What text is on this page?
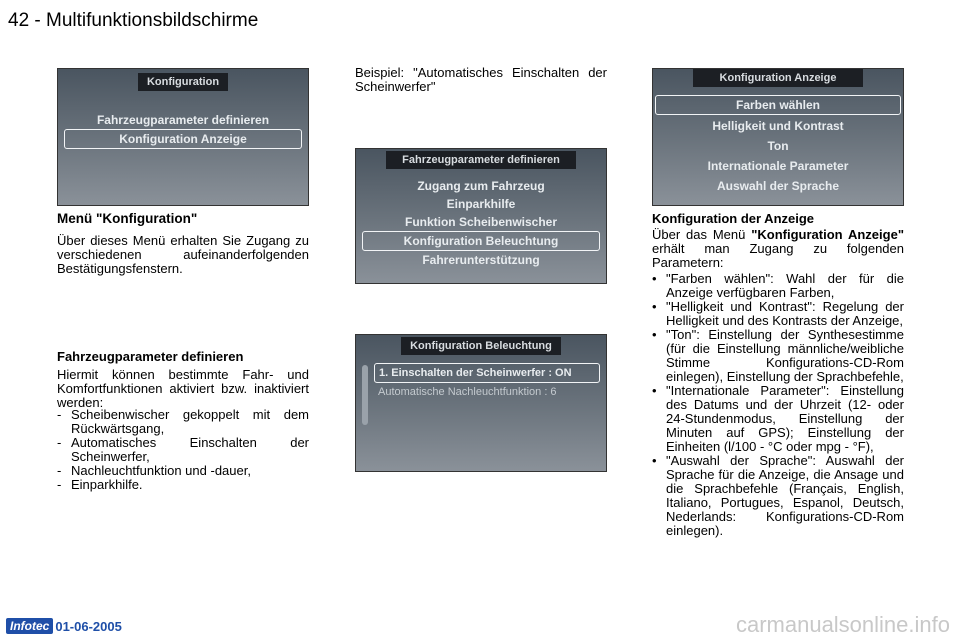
42 - Multifunktionsbildschirme
Konfiguration
Fahrzeugparameter definieren
Konfiguration Anzeige
Menü "Konfiguration"
Über dieses Menü erhalten Sie Zugang zu verschiedenen aufeinanderfolgenden Bestätigungsfenstern.
Fahrzeugparameter definieren
Hiermit können bestimmte Fahr- und Komfortfunktionen aktiviert bzw. inaktiviert werden:
- Scheibenwischer gekoppelt mit dem Rückwärtsgang,
- Automatisches Einschalten der Scheinwerfer,
- Nachleuchtfunktion und -dauer,
- Einparkhilfe.
Beispiel: "Automatisches Einschalten der Scheinwerfer"
Fahrzeugparameter definieren
Zugang zum Fahrzeug
Einparkhilfe
Funktion Scheibenwischer
Konfiguration Beleuchtung
Fahrerunterstützung
Konfiguration Beleuchtung
1. Einschalten der Scheinwerfer : ON
Automatische Nachleuchtfunktion : 6
Konfiguration Anzeige
Farben wählen
Helligkeit und Kontrast
Ton
Internationale Parameter
Auswahl der Sprache
Konfiguration der Anzeige
Über das Menü "Konfiguration Anzeige" erhält man Zugang zu folgenden Parametern:
• "Farben wählen": Wahl der für die Anzeige verfügbaren Farben,
• "Helligkeit und Kontrast": Regelung der Helligkeit und des Kontrasts der Anzeige,
• "Ton": Einstellung der Synthesestimme (für die Einstellung männliche/weibliche Stimme Konfigurations-CD-Rom einlegen), Einstellung der Sprachbefehle,
• "Internationale Parameter": Einstellung des Datums und der Uhrzeit (12- oder 24-Stundenmodus, Einstellung der Minuten auf GPS); Einstellung der Einheiten (l/100 - °C oder mpg - °F),
• "Auswahl der Sprache": Auswahl der Sprache für die Anzeige, die Ansage und die Sprachbefehle (Français, English, Italiano, Portugues, Espanol, Deutsch, Nederlands: Konfigurations-CD-Rom einlegen).
Infotec 01-06-2005	carmanualsonline.info
